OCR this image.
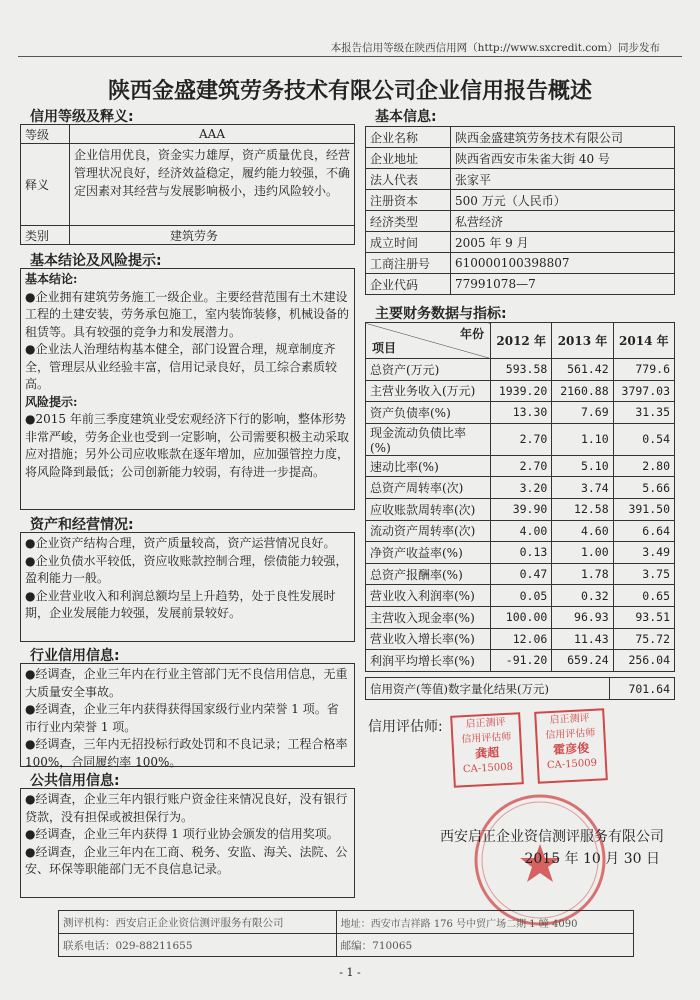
本报告信用等级在陕西信用网（http://www.sxcredit.com）同步发布
陕西金盛建筑劳务技术有限公司企业信用报告概述
信用等级及释义:
等级	AAA
释义	企业信用优良，资金实力雄厚，资产质量优良，经营管理状况良好，经济效益稳定，履约能力较强，不确定因素对其经营与发展影响极小，违约风险较小。
类别	建筑劳务
基本结论及风险提示:
基本结论:
●企业拥有建筑劳务施工一级企业。主要经营范围有土木建设工程的土建安装，劳务承包施工，室内装饰装修，机械设备的租赁等。具有较强的竞争力和发展潜力。
●企业法人治理结构基本健全，部门设置合理，规章制度齐全，管理层从业经验丰富，信用记录良好，员工综合素质较高。
风险提示:
●2015 年前三季度建筑业受宏观经济下行的影响，整体形势非常严峻，劳务企业也受到一定影响，公司需要积极主动采取应对措施；另外公司应收账款在逐年增加，应加强管控力度，将风险降到最低；公司创新能力较弱，有待进一步提高。
资产和经营情况:
●企业资产结构合理，资产质量较高，资产运营情况良好。
●企业负债水平较低，资应收账款控制合理，偿债能力较强，盈利能力一般。
●企业营业收入和利润总额均呈上升趋势，处于良性发展时期，企业发展能力较强，发展前景较好。
行业信用信息:
●经调查，企业三年内在行业主管部门无不良信用信息，无重大质量安全事故。
●经调查，企业三年内获得获得国家级行业内荣誉 1 项。省市行业内荣誉 1 项。
●经调查，三年内无招投标行政处罚和不良记录；工程合格率 100%，合同履约率 100%。
公共信用信息:
●经调查，企业三年内银行账户资金往来情况良好，没有银行贷款，没有担保或被担保行为。
●经调查，企业三年内获得 1 项行业协会颁发的信用奖项。
●经调查，企业三年内在工商、税务、安监、海关、法院、公安、环保等职能部门无不良信息记录。
基本信息:
企业名称	陕西金盛建筑劳务技术有限公司
企业地址	陕西省西安市朱雀大街 40 号
法人代表	张家平
注册资本	500 万元（人民币）
经济类型	私营经济
成立时间	2005 年 9 月
工商注册号	610000100398807
企业代码	77991078—7
主要财务数据与指标:
年份
项目	2012 年	2013 年	2014 年
总资产(万元)	593.58	561.42	779.6
主营业务收入(万元)	1939.20	2160.88	3797.03
资产负债率(%)	13.30	7.69	31.35
现金流动负债比率(%)	2.70	1.10	0.54
速动比率(%)	2.70	5.10	2.80
总资产周转率(次)	3.20	3.74	5.66
应收账款周转率(次)	39.90	12.58	391.50
流动资产周转率(次)	4.00	4.60	6.64
净资产收益率(%)	0.13	1.00	3.49
总资产报酬率(%)	0.47	1.78	3.75
营业收入利润率(%)	0.05	0.32	0.65
主营收入现金率(%)	100.00	96.93	93.51
营业收入增长率(%)	12.06	11.43	75.72
利润平均增长率(%)	-91.20	659.24	256.04
信用资产(等值)数字量化结果(万元)	701.64
信用评估师:	启正测评
信用评估师
龚超
CA-15008
启正测评
信用评估师
霍彦俊
CA-15009
西安启正企业资信测评服务有限公司
2015 年 10 月 30 日
测评机构：西安启正企业资信测评服务有限公司	地址：西安市吉祥路 176 号中贸广场二期 1 幢 4090
联系电话：029-88211655	邮编：710065
- 1 -
